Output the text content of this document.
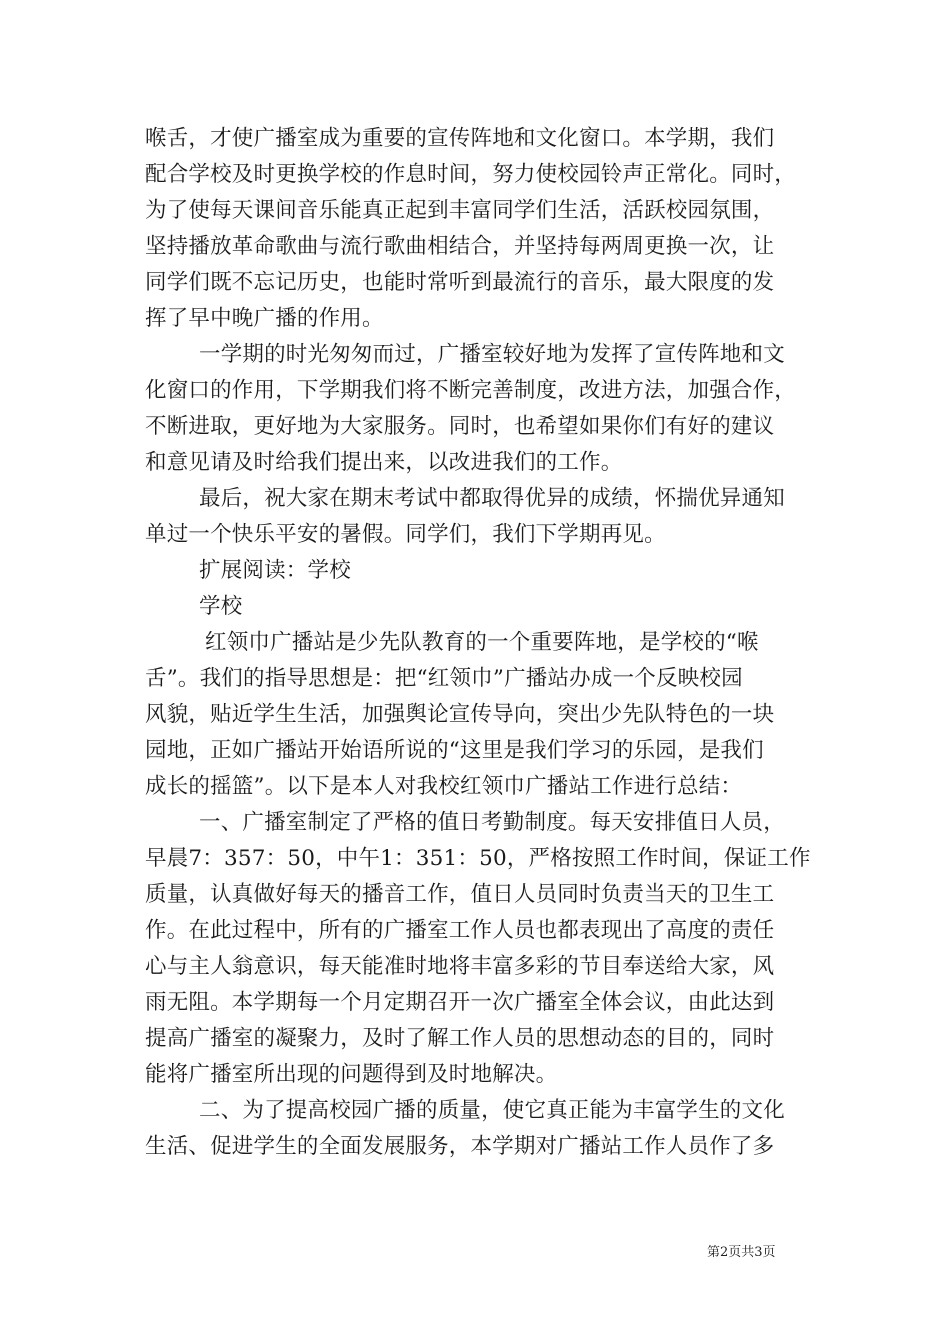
喉舌，才使广播室成为重要的宣传阵地和文化窗口。本学期，我们
配合学校及时更换学校的作息时间，努力使校园铃声正常化。同时，
为了使每天课间音乐能真正起到丰富同学们生活，活跃校园氛围，
坚持播放革命歌曲与流行歌曲相结合，并坚持每两周更换一次，让
同学们既不忘记历史，也能时常听到最流行的音乐，最大限度的发
挥了早中晚广播的作用。
一学期的时光匆匆而过，广播室较好地为发挥了宣传阵地和文
化窗口的作用，下学期我们将不断完善制度，改进方法，加强合作，
不断进取，更好地为大家服务。同时，也希望如果你们有好的建议
和意见请及时给我们提出来，以改进我们的工作。
最后，祝大家在期末考试中都取得优异的成绩，怀揣优异通知
单过一个快乐平安的暑假。同学们，我们下学期再见。
扩展阅读：学校
学校
红领巾广播站是少先队教育的一个重要阵地，是学校的“喉
舌”。我们的指导思想是：把“红领巾”广播站办成一个反映校园
风貌，贴近学生生活，加强舆论宣传导向，突出少先队特色的一块
园地，正如广播站开始语所说的“这里是我们学习的乐园，是我们
成长的摇篮”。以下是本人对我校红领巾广播站工作进行总结：
一、广播室制定了严格的值日考勤制度。每天安排值日人员，
早晨7：357：50，中午1：351：50，严格按照工作时间，保证工作
质量，认真做好每天的播音工作，值日人员同时负责当天的卫生工
作。在此过程中，所有的广播室工作人员也都表现出了高度的责任
心与主人翁意识，每天能准时地将丰富多彩的节目奉送给大家，风
雨无阻。本学期每一个月定期召开一次广播室全体会议，由此达到
提高广播室的凝聚力，及时了解工作人员的思想动态的目的，同时
能将广播室所出现的问题得到及时地解决。
二、为了提高校园广播的质量，使它真正能为丰富学生的文化
生活、促进学生的全面发展服务，本学期对广播站工作人员作了多
第2页共3页
